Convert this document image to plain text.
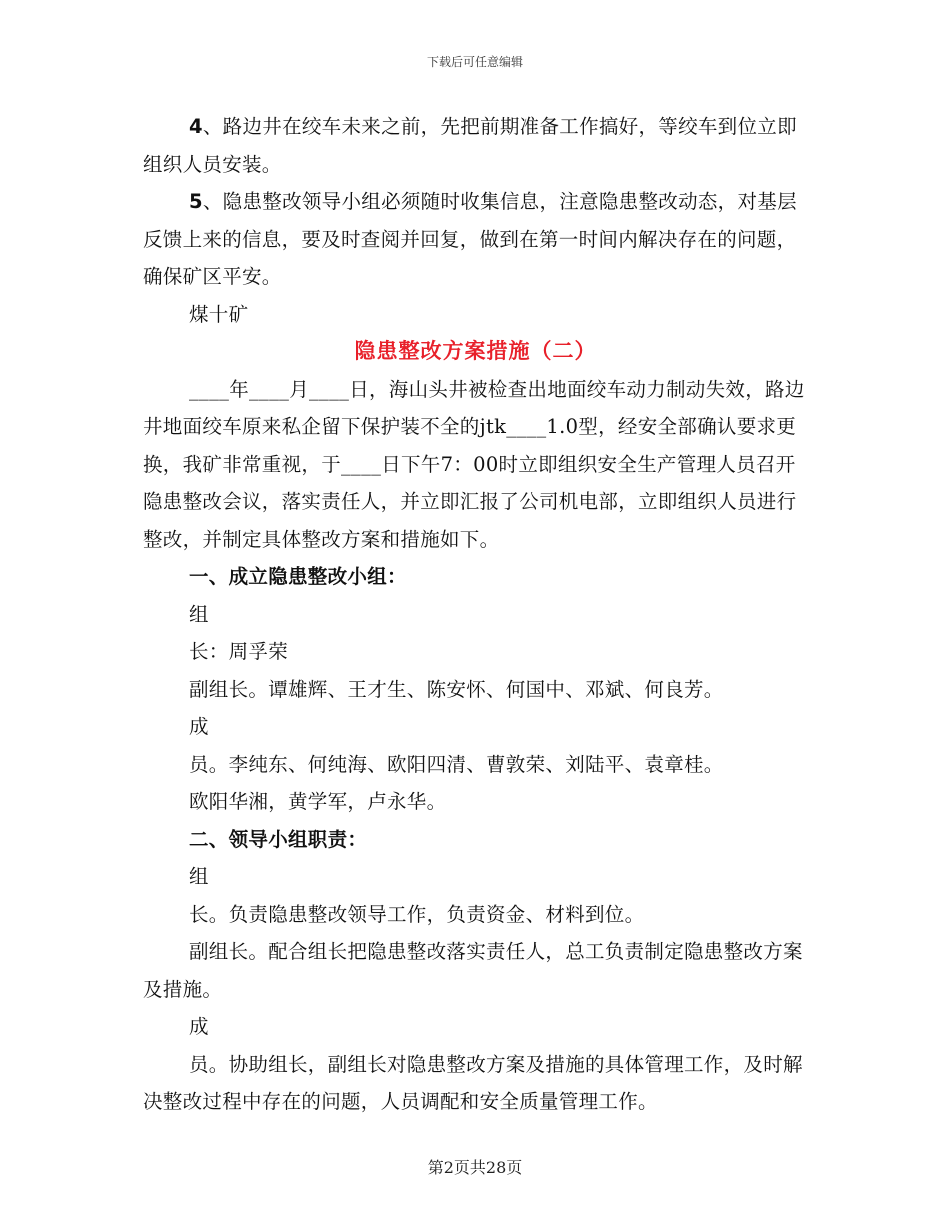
下载后可任意编辑

4、路边井在绞车未来之前，先把前期准备工作搞好，等绞车到位立即组织人员安装。

5、隐患整改领导小组必须随时收集信息，注意隐患整改动态，对基层反馈上来的信息，要及时查阅并回复，做到在第一时间内解决存在的问题，确保矿区平安。

煤十矿

隐患整改方案措施（二）

____年____月____日，海山头井被检查出地面绞车动力制动失效，路边井地面绞车原来私企留下保护装不全的jtk____1.0型，经安全部确认要求更换，我矿非常重视，于____日下午7：00时立即组织安全生产管理人员召开隐患整改会议，落实责任人，并立即汇报了公司机电部，立即组织人员进行整改，并制定具体整改方案和措施如下。

一、成立隐患整改小组：

组

长：周孚荣

副组长。谭雄辉、王才生、陈安怀、何国中、邓斌、何良芳。

成

员。李纯东、何纯海、欧阳四清、曹敦荣、刘陆平、袁章桂。

欧阳华湘，黄学军，卢永华。

二、领导小组职责：

组

长。负责隐患整改领导工作，负责资金、材料到位。

副组长。配合组长把隐患整改落实责任人，总工负责制定隐患整改方案及措施。

成

员。协助组长，副组长对隐患整改方案及措施的具体管理工作，及时解决整改过程中存在的问题，人员调配和安全质量管理工作。

第2页共28页
